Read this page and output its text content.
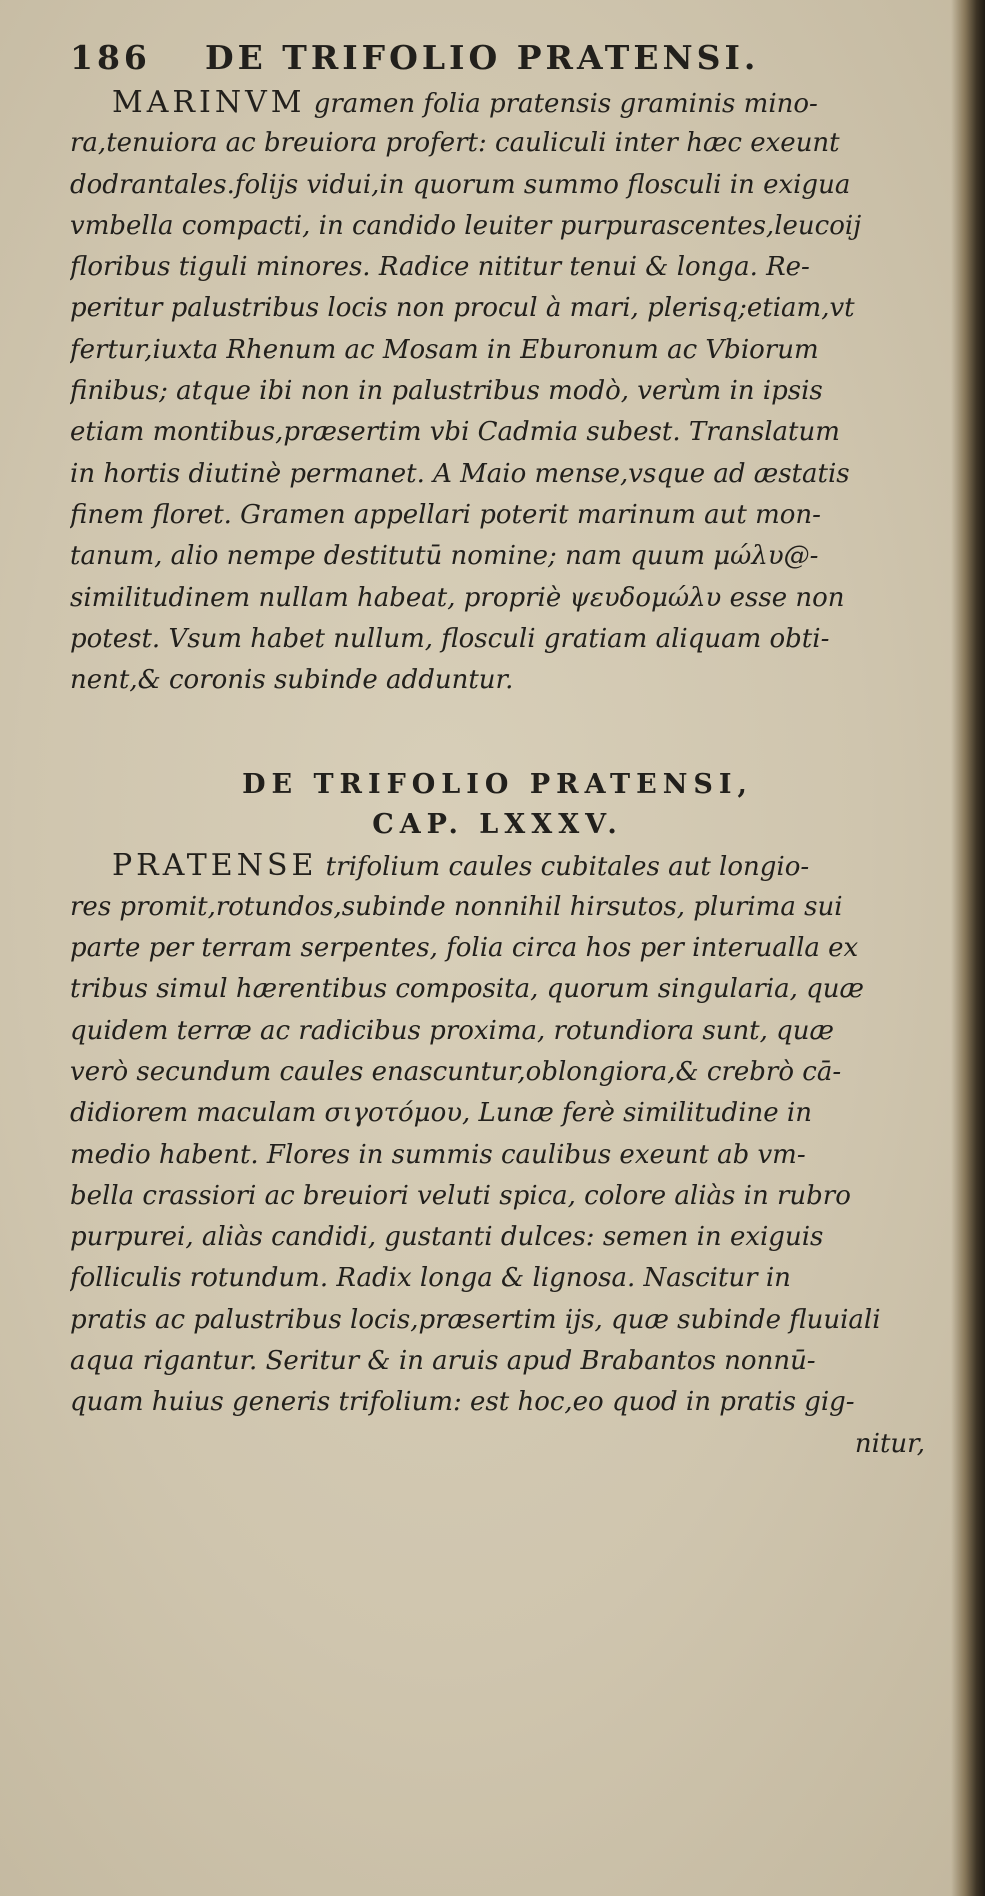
186 DE TRIFOLIO PRATENSI.
MARINVM gramen folia pratensis graminis mino-
ra,tenuiora ac breuiora profert: cauliculi inter hæc exeunt
dodrantales.folijs vidui,in quorum summo flosculi in exigua
vmbella compacti, in candido leuiter purpurascentes,leucoij
floribus tiguli minores. Radice nititur tenui & longa. Re-
peritur palustribus locis non procul à mari, plerisq;etiam,vt
fertur,iuxta Rhenum ac Mosam in Eburonum ac Vbiorum
finibus; atque ibi non in palustribus modò, verùm in ipsis
etiam montibus,præsertim vbi Cadmia subest. Translatum
in hortis diutinè permanet. A Maio mense,vsque ad æstatis
finem floret. Gramen appellari poterit marinum aut mon-
tanum, alio nempe destitutū nomine; nam quum μώλυ@-
similitudinem nullam habeat, propriè ψευδομώλυ esse non
potest. Vsum habet nullum, flosculi gratiam aliquam obti-
nent,& coronis subinde adduntur.
DE TRIFOLIO PRATENSI,
CAP. LXXXV.
PRATENSE trifolium caules cubitales aut longio-
res promit,rotundos,subinde nonnihil hirsutos, plurima sui
parte per terram serpentes, folia circa hos per interualla ex
tribus simul hærentibus composita, quorum singularia, quæ
quidem terræ ac radicibus proxima, rotundiora sunt, quæ
verò secundum caules enascuntur,oblongiora,& crebrò cā-
didiorem maculam σιγοτόμου, Lunæ ferè similitudine in
medio habent. Flores in summis caulibus exeunt ab vm-
bella crassiori ac breuiori veluti spica, colore aliàs in rubro
purpurei, aliàs candidi, gustanti dulces: semen in exiguis
folliculis rotundum. Radix longa & lignosa. Nascitur in
pratis ac palustribus locis,præsertim ijs, quæ subinde fluuiali
aqua rigantur. Seritur & in aruis apud Brabantos nonnū-
quam huius generis trifolium: est hoc,eo quod in pratis gig-
nitur,
